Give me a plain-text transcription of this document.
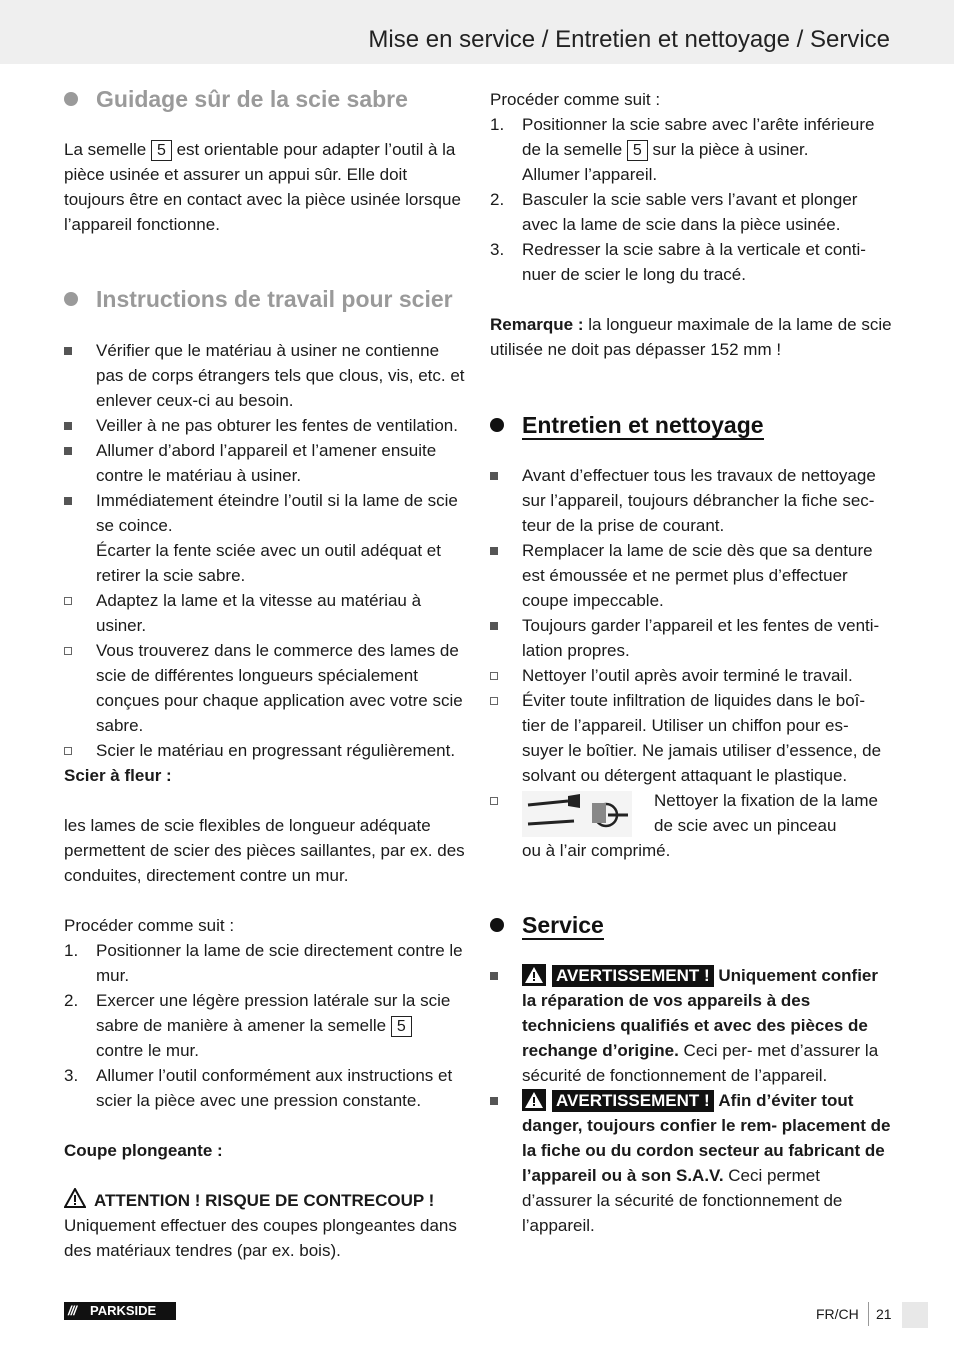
Mise en service / Entretien et nettoyage / Service
Guidage sûr de la scie sabre
La semelle 5 est orientable pour adapter l’outil à la pièce usinée et assurer un appui sûr. Elle doit toujours être en contact avec la pièce usinée lorsque l’appareil fonctionne.
Instructions de travail pour scier
Vérifier que le matériau à usiner ne contienne pas de corps étrangers tels que clous, vis, etc. et enlever ceux-ci au besoin.
Veiller à ne pas obturer les fentes de ventilation.
Allumer d’abord l’appareil et l’amener ensuite contre le matériau à usiner.
Immédiatement éteindre l’outil si la lame de scie se coince.
Écarter la fente sciée avec un outil adéquat et retirer la scie sabre.
Adaptez la lame et la vitesse au matériau à usiner.
Vous trouverez dans le commerce des lames de scie de différentes longueurs spécialement conçues pour chaque application avec votre scie sabre.
Scier le matériau en progressant régulièrement.
Scier à fleur :
les lames de scie flexibles de longueur adéquate permettent de scier des pièces saillantes, par ex. des conduites, directement contre un mur.
Procéder comme suit :
1. Positionner la lame de scie directement contre le mur.
2. Exercer une légère pression latérale sur la scie sabre de manière à amener la semelle 5
contre le mur.
3. Allumer l’outil conformément aux instructions et scier la pièce avec une pression constante.
Coupe plongeante :
ATTENTION ! RISQUE DE CONTRECOUP !
Uniquement effectuer des coupes plongeantes dans des matériaux tendres (par ex. bois).
Procéder comme suit :
1. Positionner la scie sabre avec l’arête inférieure de la semelle 5 sur la pièce à usiner.
Allumer l’appareil.
2. Basculer la scie sable vers l’avant et plonger avec la lame de scie dans la pièce usinée.
3. Redresser la scie sabre à la verticale et conti- nuer de scier le long du tracé.
Remarque : la longueur maximale de la lame de scie utilisée ne doit pas dépasser 152 mm !
Entretien et nettoyage
Avant d’effectuer tous les travaux de nettoyage sur l’appareil, toujours débrancher la fiche sec- teur de la prise de courant.
Remplacer la lame de scie dès que sa denture est émoussée et ne permet plus d’effectuer coupe impeccable.
Toujours garder l’appareil et les fentes de venti- lation propres.
Nettoyer l’outil après avoir terminé le travail.
Éviter toute infiltration de liquides dans le boî- tier de l’appareil. Utiliser un chiffon pour es- suyer le boîtier. Ne jamais utiliser d’essence, de solvant ou détergent attaquant le plastique.
Nettoyer la fixation de la lame de scie avec un pinceau
ou à l’air comprimé.
Service
AVERTISSEMENT ! Uniquement confier la réparation de vos appareils à des techniciens qualifiés et avec des pièces de rechange d’origine. Ceci per- met d’assurer la sécurité de fonctionnement de l’appareil.
AVERTISSEMENT ! Afin d’éviter tout danger, toujours confier le rem- placement de la fiche ou du cordon secteur au fabricant de l’appareil ou à son S.A.V. Ceci permet d’assurer la sécurité de fonctionnement de l’appareil.
/// PARKSIDE	FR/CH 21
